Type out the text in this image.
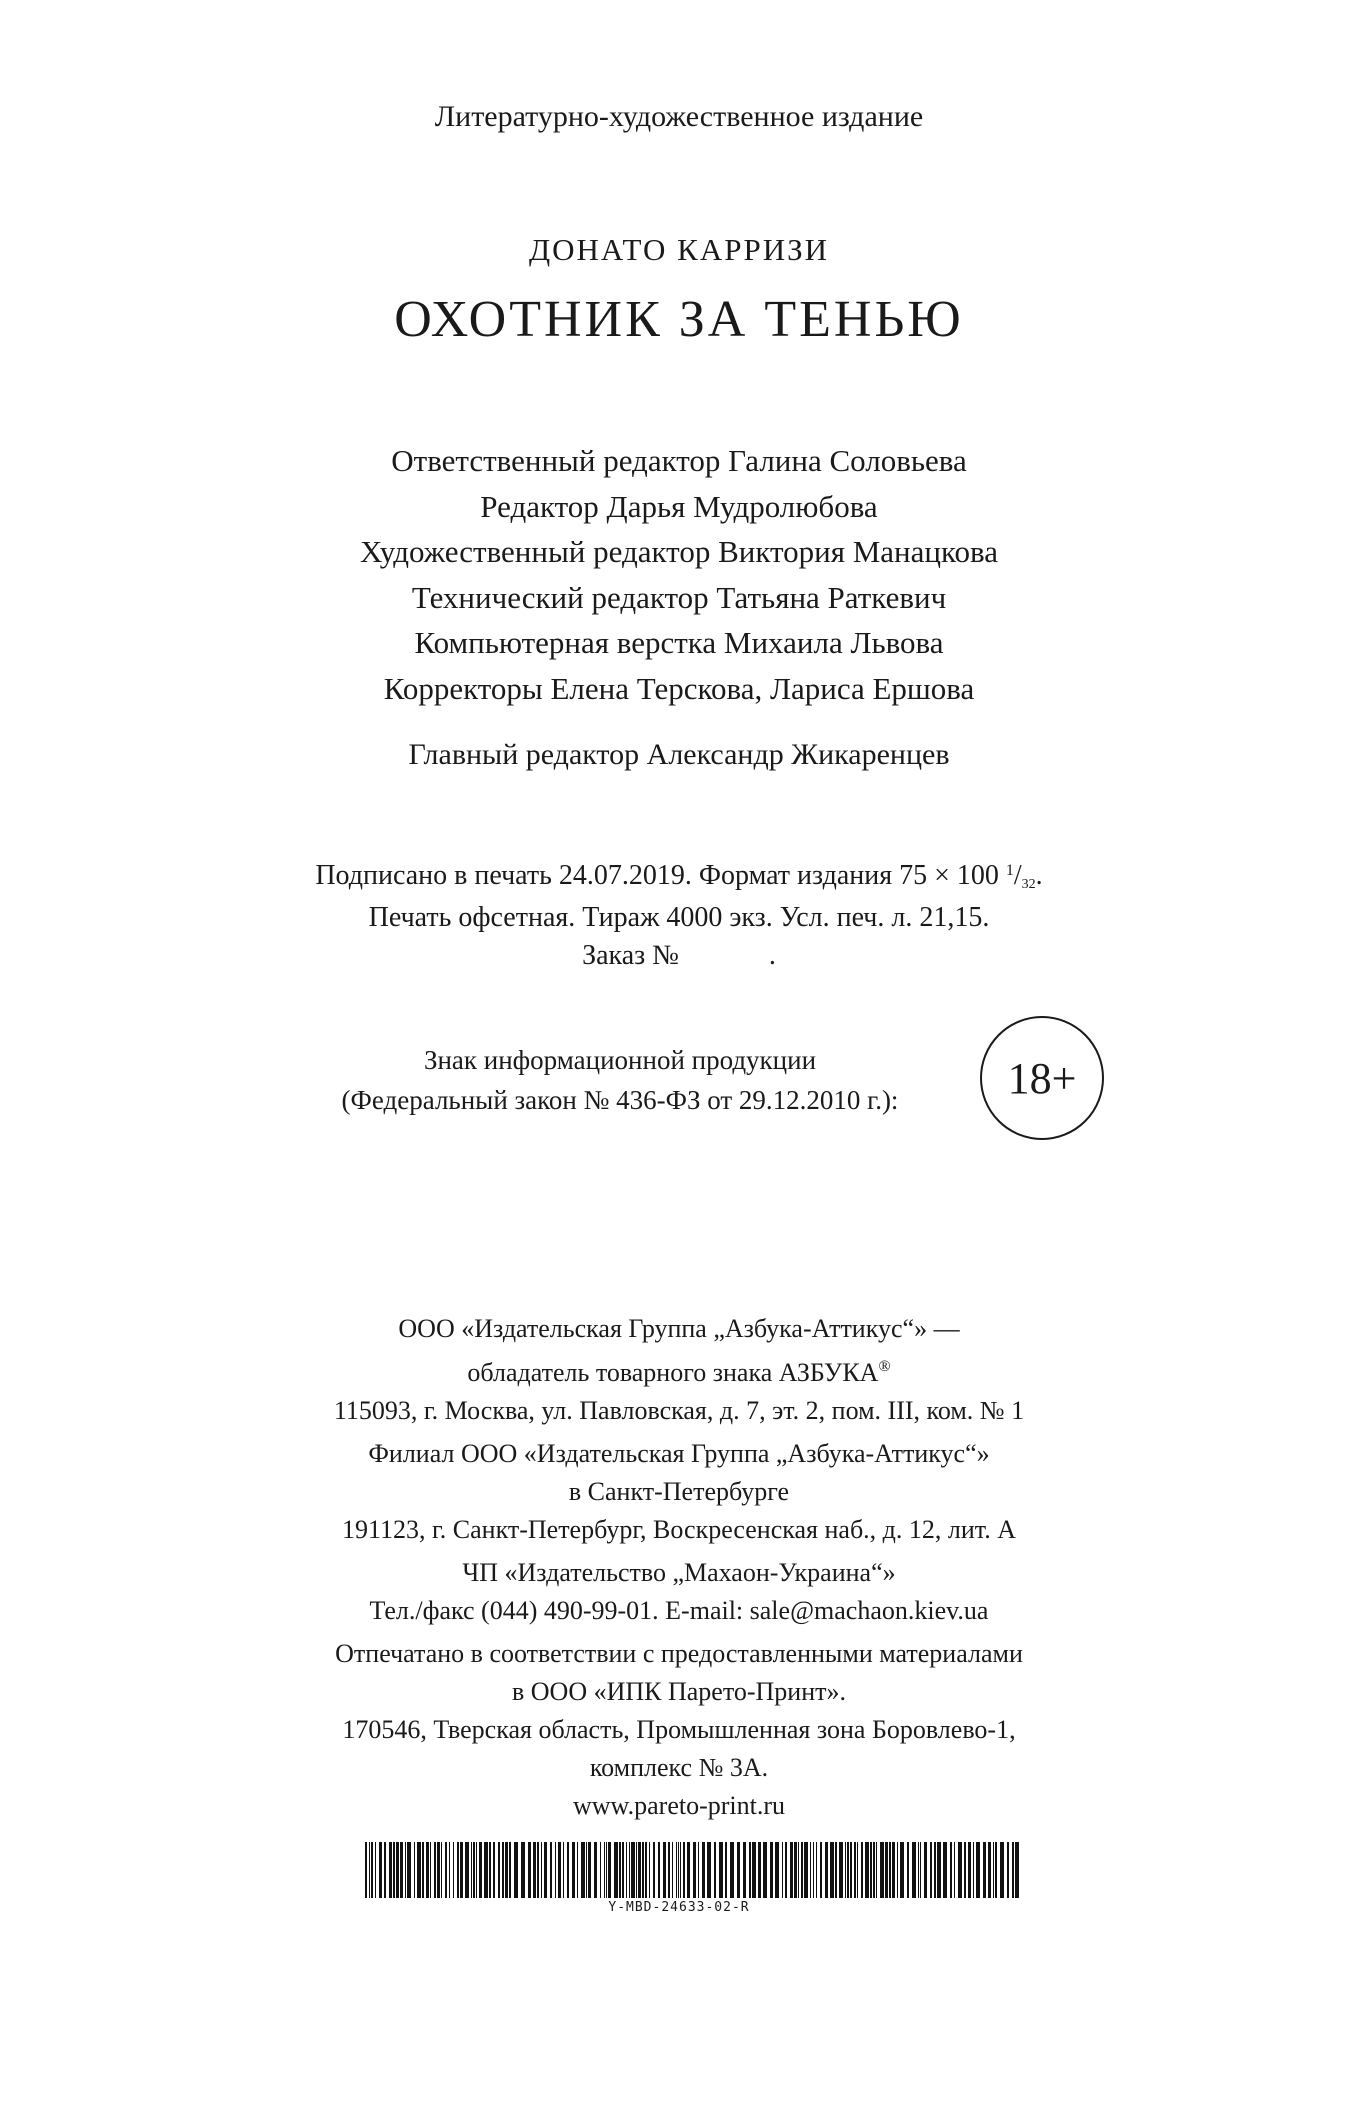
Литературно-художественное издание
ДОНАТО КАРРИЗИ
ОХОТНИК ЗА ТЕНЬЮ
Ответственный редактор Галина Соловьева
Редактор Дарья Мудролюбова
Художественный редактор Виктория Манацкова
Технический редактор Татьяна Раткевич
Компьютерная верстка Михаила Львова
Корректоры Елена Терскова, Лариса Ершова
Главный редактор Александр Жикаренцев
Подписано в печать 24.07.2019. Формат издания 75 × 100 $^1$/32.
Печать офсетная. Тираж 4000 экз. Усл. печ. л. 21,15.
Заказ №	.
Знак информационной продукции
(Федеральный закон № 436-ФЗ от 29.12.2010 г.):	18+
ООО «Издательская Группа „Азбука-Аттикус“» —
обладатель товарного знака АЗБУКА®
115093, г. Москва, ул. Павловская, д. 7, эт. 2, пом. III, ком. № 1
Филиал ООО «Издательская Группа „Азбука-Аттикус“»
в Санкт-Петербурге
191123, г. Санкт-Петербург, Воскресенская наб., д. 12, лит. А
ЧП «Издательство „Махаон-Украина“»
Тел./факс (044) 490-99-01. E-mail: sale@machaon.kiev.ua
Отпечатано в соответствии с предоставленными материалами
в ООО «ИПК Парето-Принт».
170546, Тверская область, Промышленная зона Боровлево-1,
комплекс № 3А.
www.pareto-print.ru
Y-MBD-24633-02-R
